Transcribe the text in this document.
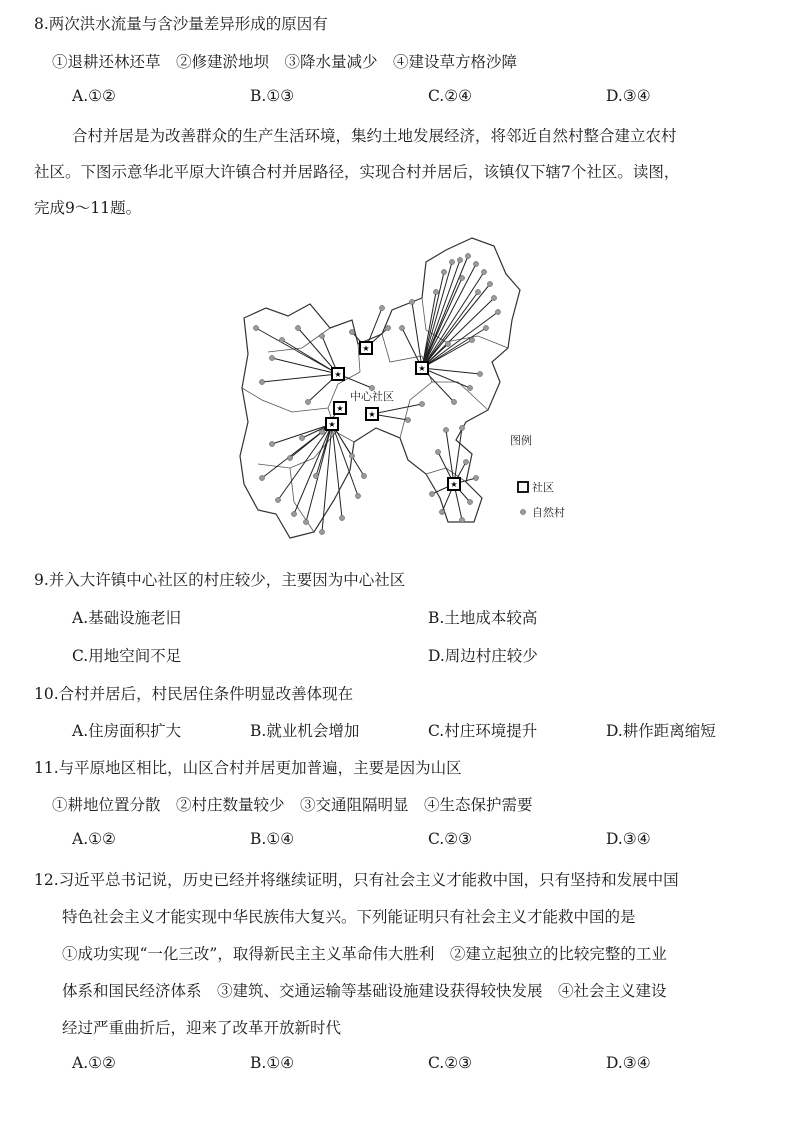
8.两次洪水流量与含沙量差异形成的原因有
①退耕还林还草　②修建淤地坝　③降水量减少　④建设草方格沙障
A.①②	B.①③	C.②④	D.③④
合村并居是为改善群众的生产生活环境，集约土地发展经济，将邻近自然村整合建立农村
社区。下图示意华北平原大许镇合村并居路径，实现合村并居后，该镇仅下辖7个社区。读图，
完成9～11题。
★
★
★
★
★
★
★
中心社区
图例
社区
自然村
9.并入大许镇中心社区的村庄较少，主要因为中心社区
A.基础设施老旧	B.土地成本较高
C.用地空间不足	D.周边村庄较少
10.合村并居后，村民居住条件明显改善体现在
A.住房面积扩大	B.就业机会增加	C.村庄环境提升	D.耕作距离缩短
11.与平原地区相比，山区合村并居更加普遍，主要是因为山区
①耕地位置分散　②村庄数量较少　③交通阻隔明显　④生态保护需要
A.①②	B.①④	C.②③	D.③④
12.习近平总书记说，历史已经并将继续证明，只有社会主义才能救中国，只有坚持和发展中国
特色社会主义才能实现中华民族伟大复兴。下列能证明只有社会主义才能救中国的是
①成功实现“一化三改”，取得新民主主义革命伟大胜利　②建立起独立的比较完整的工业
体系和国民经济体系　③建筑、交通运输等基础设施建设获得较快发展　④社会主义建设
经过严重曲折后，迎来了改革开放新时代
A.①②	B.①④	C.②③	D.③④
